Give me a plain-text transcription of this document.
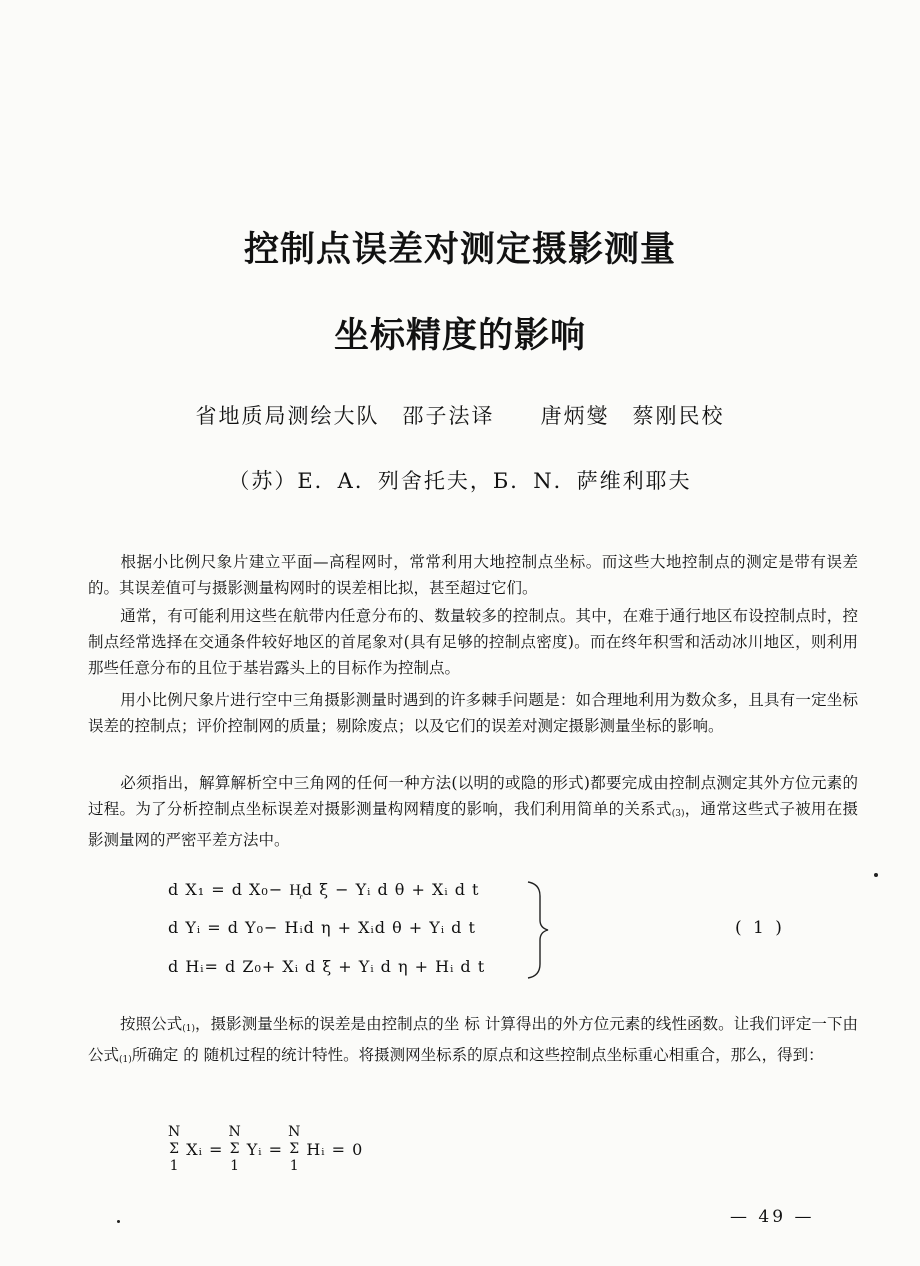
控制点误差对测定摄影测量
坐标精度的影响
省地质局测绘大队　邵子法译　　唐炳燮　蔡刚民校
（苏）E．A．列舍托夫，Б．N．萨维利耶夫
根据小比例尺象片建立平面—高程网时，常常利用大地控制点坐标。而这些大地控制点的测定是带有误差的。其误差值可与摄影测量构网时的误差相比拟，甚至超过它们。
通常，有可能利用这些在航带内任意分布的、数量较多的控制点。其中，在难于通行地区布设控制点时，控制点经常选择在交通条件较好地区的首尾象对(具有足够的控制点密度)。而在终年积雪和活动冰川地区，则利用那些任意分布的且位于基岩露头上的目标作为控制点。
用小比例尺象片进行空中三角摄影测量时遇到的许多棘手问题是：如合理地利用为数众多，且具有一定坐标误差的控制点；评价控制网的质量；剔除废点；以及它们的误差对测定摄影测量坐标的影响。
必须指出，解算解析空中三角网的任何一种方法(以明的或隐的形式)都要完成由控制点测定其外方位元素的过程。为了分析控制点坐标误差对摄影测量构网精度的影响，我们利用简单的关系式$_{(3)}$，通常这些式子被用在摄影测量网的严密平差方法中。
d X₁ = d X₀− H᷊d ξ − Yᵢ d θ + Xᵢ d t
d Yᵢ = d Y₀− Hᵢd η + Xᵢd θ + Yᵢ d t
d Hᵢ= d Z₀+ Xᵢ d ξ + Yᵢ d η + Hᵢ d t
( 1 )
按照公式$_{(1)}$，摄影测量坐标的误差是由控制点的坐 标 计算得出的外方位元素的线性函数。让我们评定一下由公式$_{(1)}$所确定 的 随机过程的统计特性。将摄测网坐标系的原点和这些控制点坐标重心相重合，那么，得到：
N
Σ
1Xᵢ = N
Σ
1Yᵢ = N
Σ
1Hᵢ = 0
— 49 —
